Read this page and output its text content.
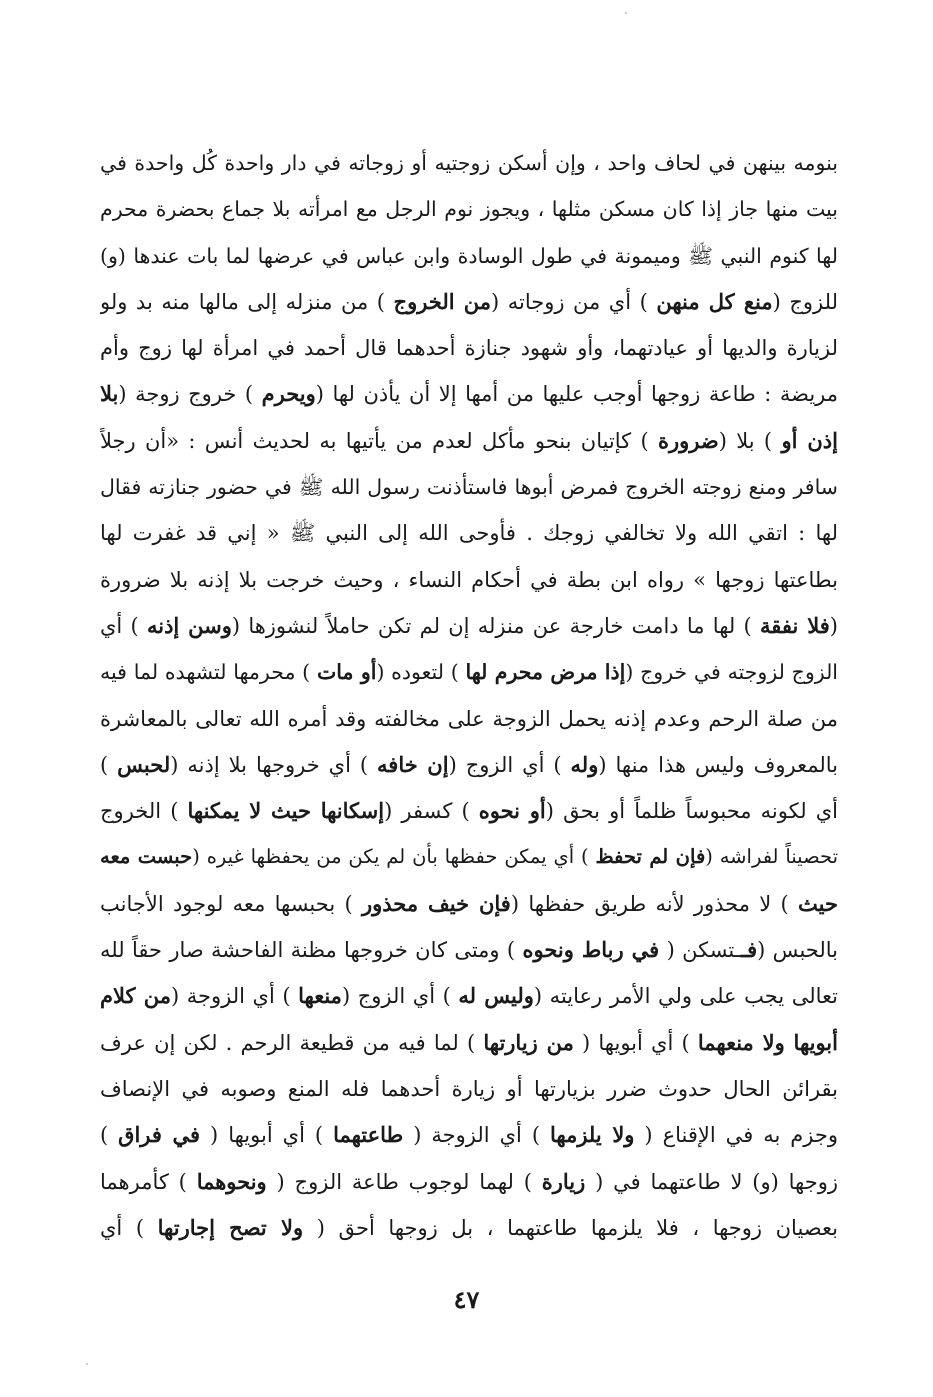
بنومه بينهن في لحاف واحد ، وإن أسكن زوجتيه أو زوجاته في دار واحدة كُل واحدة في
بيت منها جاز إذا كان مسكن مثلها ، ويجوز نوم الرجل مع امرأته بلا جماع بحضرة محرم
لها كنوم النبي ﷺ وميمونة في طول الوسادة وابن عباس في عرضها لما بات عندها (و)
للزوج (منع كل منهن ) أي من زوجاته (من الخروج ) من منزله إلى مالها منه بد ولو
لزيارة والديها أو عيادتهما، وأو شهود جنازة أحدهما قال أحمد في امرأة لها زوج وأم
مريضة : طاعة زوجها أوجب عليها من أمها إلا أن يأذن لها (ويحرم ) خروج زوجة (بلا
إذن أو ) بلا (ضرورة ) كإتيان بنحو مأكل لعدم من يأتيها به لحديث أنس : «أن رجلاً
سافر ومنع زوجته الخروج فمرض أبوها فاستأذنت رسول الله ﷺ في حضور جنازته فقال
لها : اتقي الله ولا تخالفي زوجك . فأوحى الله إلى النبي ﷺ « إني قد غفرت لها
بطاعتها زوجها » رواه ابن بطة في أحكام النساء ، وحيث خرجت بلا إذنه بلا ضرورة
(فلا نفقة ) لها ما دامت خارجة عن منزله إن لم تكن حاملاً لنشوزها (وسن إذنه ) أي
الزوج لزوجته في خروج (إذا مرض محرم لها ) لتعوده (أو مات ) محرمها لتشهده لما فيه
من صلة الرحم وعدم إذنه يحمل الزوجة على مخالفته وقد أمره الله تعالى بالمعاشرة
بالمعروف وليس هذا منها (وله ) أي الزوج (إن خافه ) أي خروجها بلا إذنه (لحبس )
أي لكونه محبوساً ظلماً أو بحق (أو نحوه ) كسفر (إسكانها حيث لا يمكنها ) الخروج
تحصيناً لفراشه (فإن لم تحفظ ) أي يمكن حفظها بأن لم يكن من يحفظها غيره (حبست معه
حيث ) لا محذور لأنه طريق حفظها (فإن خيف محذور ) بحبسها معه لوجود الأجانب
بالحبس (فــتسكن ( في رباط ونحوه ) ومتى كان خروجها مظنة الفاحشة صار حقاً لله
تعالى يجب على ولي الأمر رعايته (وليس له ) أي الزوج (منعها ) أي الزوجة (من كلام
أبويها ولا منعهما ) أي أبويها ( من زيارتها ) لما فيه من قطيعة الرحم . لكن إن عرف
بقرائن الحال حدوث ضرر بزيارتها أو زيارة أحدهما فله المنع وصوبه في الإنصاف
وجزم به في الإقناع ( ولا يلزمها ) أي الزوجة ( طاعتهما ) أي أبويها ( في فراق )
زوجها (و) لا طاعتهما في ( زيارة ) لهما لوجوب طاعة الزوج ( ونحوهما ) كأمرهما
بعصيان زوجها ، فلا يلزمها طاعتهما ، بل زوجها أحق ( ولا تصح إجارتها ) أي
٤٧
